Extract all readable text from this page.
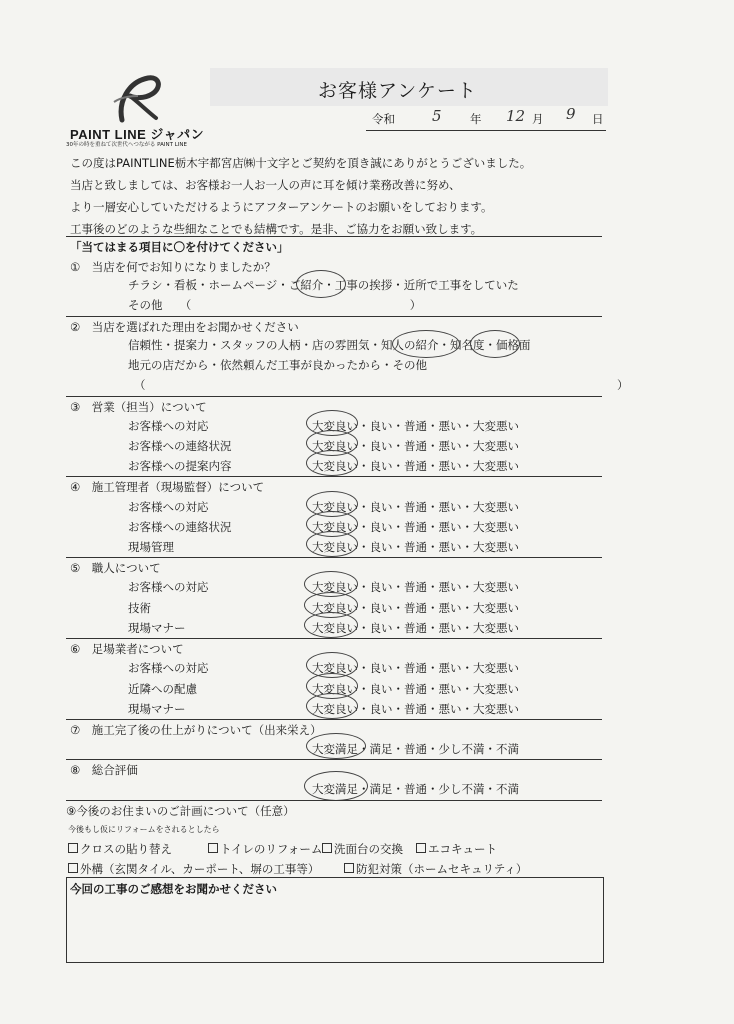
PAINT LINE ジャパン
30年の時を重ねて次世代へつながる PAINT LINE
お客様アンケート
令和 5 年 12 月 9 日
この度はPAINTLINE栃木宇都宮店㈱十文字とご契約を頂き誠にありがとうございました。
当店と致しましては、お客様お一人お一人の声に耳を傾け業務改善に努め、
より一層安心していただけるようにアフターアンケートのお願いをしております。
工事後のどのような些細なことでも結構です。是非、ご協力をお願い致します。
「当てはまる項目に〇を付けてください」
①　当店を何でお知りになりましたか？
チラシ・看板・ホームページ・ご紹介・工事の挨拶・近所で工事をしていた
その他　　（　　　　　　　　　　　　　　　　　　　）
②　当店を選ばれた理由をお聞かせください
信頼性・提案力・スタッフの人柄・店の雰囲気・知人の紹介・知名度・価格面
地元の店だから・依然頼んだ工事が良かったから・その他
（　　　　　　　　　　　　　　　　　　　　　　　　　　　　　　　　　　　　　　　　　）
③　営業（担当）について
お客様への対応	大変良い・良い・普通・悪い・大変悪い
お客様への連絡状況	大変良い・良い・普通・悪い・大変悪い
お客様への提案内容	大変良い・良い・普通・悪い・大変悪い
④　施工管理者（現場監督）について
お客様への対応	大変良い・良い・普通・悪い・大変悪い
お客様への連絡状況	大変良い・良い・普通・悪い・大変悪い
現場管理	大変良い・良い・普通・悪い・大変悪い
⑤　職人について
お客様への対応	大変良い・良い・普通・悪い・大変悪い
技術	大変良い・良い・普通・悪い・大変悪い
現場マナー	大変良い・良い・普通・悪い・大変悪い
⑥　足場業者について
お客様への対応	大変良い・良い・普通・悪い・大変悪い
近隣への配慮	大変良い・良い・普通・悪い・大変悪い
現場マナー	大変良い・良い・普通・悪い・大変悪い
⑦　施工完了後の仕上がりについて（出来栄え）
大変満足・満足・普通・少し不満・不満
⑧　総合評価
大変満足・満足・普通・少し不満・不満
⑨今後のお住まいのご計画について（任意）
今後もし仮にリフォームをされるとしたら
クロスの貼り替え	トイレのリフォーム	洗面台の交換	エコキュート
外構（玄関タイル、カーポート、塀の工事等）	防犯対策（ホームセキュリティ）
今回の工事のご感想をお聞かせください
